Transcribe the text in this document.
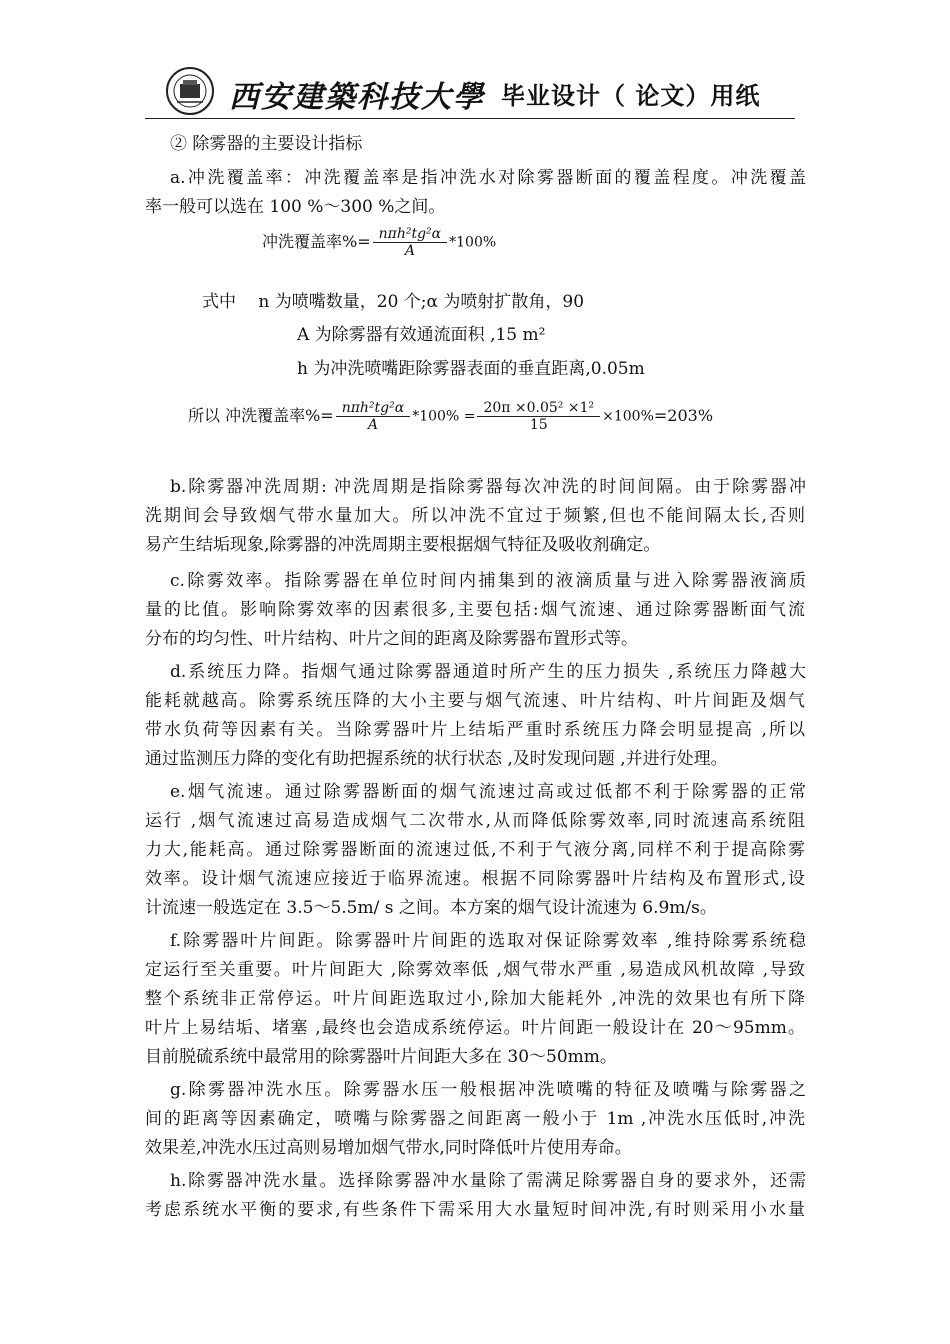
西安建築科技大學 毕业设计（ 论文）用纸
② 除雾器的主要设计指标
a.冲洗覆盖率：冲洗覆盖率是指冲洗水对除雾器断面的覆盖程度。冲洗覆盖
率一般可以选在 100 %～300 %之间。
冲洗覆盖率%= $\frac{\text{nπh²tg²α}}{A} *100\%$
式中　 n 为喷嘴数量，20 个;α 为喷射扩散角，90
A 为除雾器有效通流面积 ,15 m²
h 为冲洗喷嘴距除雾器表面的垂直距离,0.05m
所以 冲洗覆盖率%= $\frac{\text{nπh²tg²α}}{A} *100\% = \frac{\text{20π ×0.05² ×1²}}{15} \times 100\%=203\%$
b.除雾器冲洗周期: 冲洗周期是指除雾器每次冲洗的时间间隔。由于除雾器冲
洗期间会导致烟气带水量加大。所以冲洗不宜过于频繁,但也不能间隔太长,否则
易产生结垢现象,除雾器的冲洗周期主要根据烟气特征及吸收剂确定。
c.除雾效率。指除雾器在单位时间内捕集到的液滴质量与进入除雾器液滴质
量的比值。影响除雾效率的因素很多,主要包括:烟气流速、通过除雾器断面气流
分布的均匀性、叶片结构、叶片之间的距离及除雾器布置形式等。
d.系统压力降。指烟气通过除雾器通道时所产生的压力损失 ,系统压力降越大
能耗就越高。除雾系统压降的大小主要与烟气流速、叶片结构、叶片间距及烟气
带水负荷等因素有关。当除雾器叶片上结垢严重时系统压力降会明显提高 ,所以
通过监测压力降的变化有助把握系统的状行状态 ,及时发现问题 ,并进行处理。
e.烟气流速。通过除雾器断面的烟气流速过高或过低都不利于除雾器的正常
运行 ,烟气流速过高易造成烟气二次带水,从而降低除雾效率,同时流速高系统阻
力大,能耗高。通过除雾器断面的流速过低,不利于气液分离,同样不利于提高除雾
效率。设计烟气流速应接近于临界流速。根据不同除雾器叶片结构及布置形式,设
计流速一般选定在 3.5～5.5m/ s 之间。本方案的烟气设计流速为 6.9m/s。
f.除雾器叶片间距。除雾器叶片间距的选取对保证除雾效率 ,维持除雾系统稳
定运行至关重要。叶片间距大 ,除雾效率低 ,烟气带水严重 ,易造成风机故障 ,导致
整个系统非正常停运。叶片间距选取过小,除加大能耗外 ,冲洗的效果也有所下降
叶片上易结垢、堵塞 ,最终也会造成系统停运。叶片间距一般设计在 20～95mm。
目前脱硫系统中最常用的除雾器叶片间距大多在 30～50mm。
g.除雾器冲洗水压。除雾器水压一般根据冲洗喷嘴的特征及喷嘴与除雾器之
间的距离等因素确定，喷嘴与除雾器之间距离一般小于 1m ,冲洗水压低时,冲洗
效果差,冲洗水压过高则易增加烟气带水,同时降低叶片使用寿命。
h.除雾器冲洗水量。选择除雾器冲水量除了需满足除雾器自身的要求外，还需
考虑系统水平衡的要求,有些条件下需采用大水量短时间冲洗,有时则采用小水量
